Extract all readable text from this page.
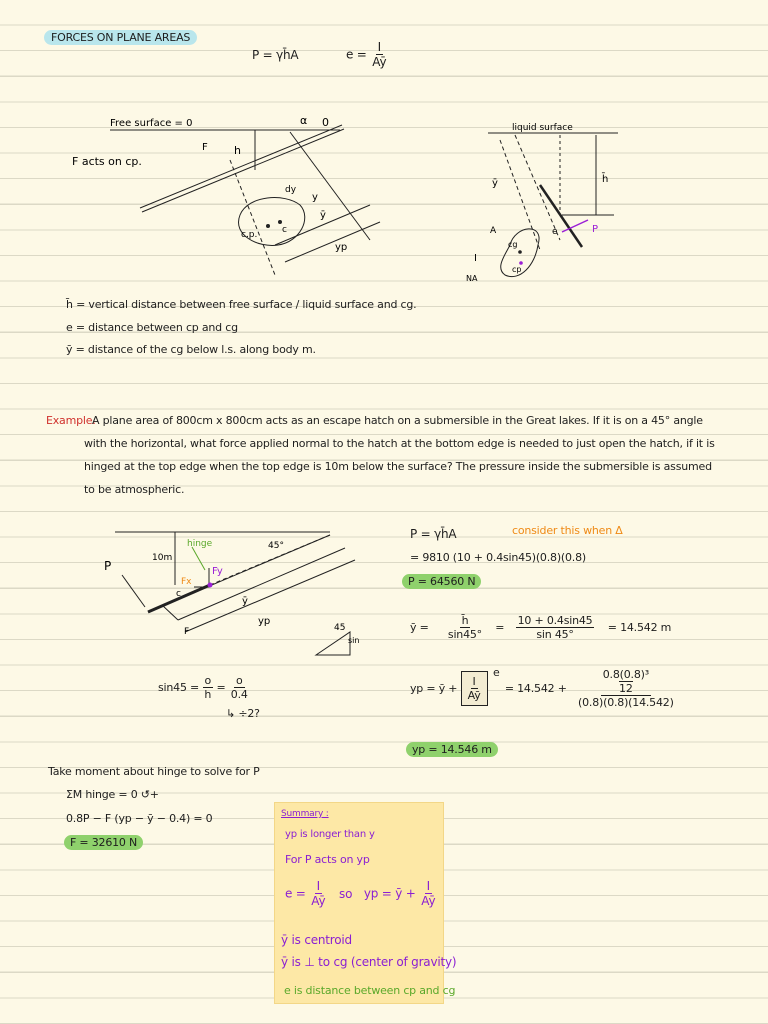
FORCES ON PLANE AREAS
P = γh̄A	$e = \frac{I}{Aȳ}$
Free surface = 0	α 0
F h
F acts on cp.
dy
y
ȳ
yp
c.p.	c
liquid surface
h̄
ȳ
A
cg
e	P
I
NA
cp
h̄ = vertical distance between free surface / liquid surface and cg.
e = distance between cp and cg
ȳ = distance of the cg below l.s. along body m.
Example.
A plane area of 800cm x 800cm acts as an escape hatch on a submersible in the Great lakes. If it is on a 45° angle
with the horizontal, what force applied normal to the hatch at the bottom edge is needed to just open the hatch, if it is
hinged at the top edge when the top edge is 10m below the surface? The pressure inside the submersible is assumed
to be atmospheric.
hinge
10m
45°
P
Fx
Fy
c
F
ȳ
yp
45
sin
$\sin 45 = \frac{o}{h} = \frac{o}{0.4}$
↳ ÷2?
P = γh̄A	consider this when Δ
= 9810 (10 + 0.4sin45)(0.8)(0.8)
P = 64560 N
ȳ = $\frac{h̄}{\sin 45^\circ} = \frac{10 + 0.4\sin 45}{\sin 45^\circ} = 14.542$ m
yp = ȳ + $\frac{I}{Aȳ} = 14.542 + 0.8(0.8)^3$
12
(0.8)(0.8)(14.542)
e
yp = 14.546 m
Take moment about hinge to solve for P
ΣM hinge = 0 ↺+
0.8P − F (yp − ȳ − 0.4) = 0
F = 32610 N
Summary :
yp is longer than y
For P acts on yp
$e = \frac{I}{Aȳ}$ so yp = ȳ + $\frac{I}{Aȳ}$
ȳ is centroid
ȳ is ⊥ to cg (center of gravity)
e is distance between cp and cg
